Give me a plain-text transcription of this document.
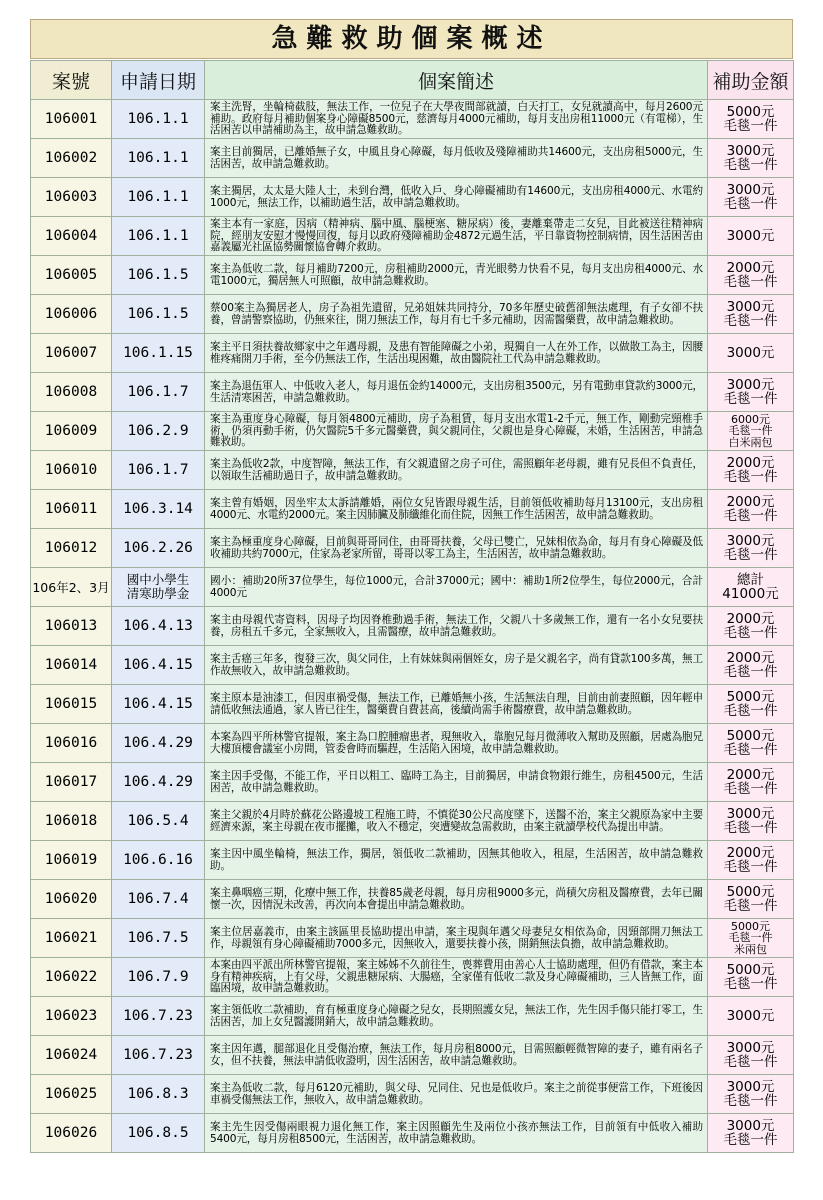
急難救助個案概述
案號	申請日期	個案簡述	補助金額
106001	106.1.1	案主洗腎，坐輪椅截肢，無法工作，一位兒子在大學夜間部就讀，白天打工，女兒就讀高中，每月2600元補助。政府每月補助個案身心障礙8500元，慈濟每月4000元補助，每月支出房租11000元（有電梯），生活困苦以申請補助為主，故申請急難救助。	5000元
毛毯一件

106002	106.1.1	案主目前獨居，已離婚無子女，中風且身心障礙，每月低收及殘障補助共14600元，支出房租5000元，生活困苦，故申請急難救助。	3000元
毛毯一件

106003	106.1.1	案主獨居，太太是大陸人士，未到台灣，低收入戶、身心障礙補助有14600元，支出房租4000元、水電約1000元，無法工作，以補助過生活，故申請急難救助。	3000元
毛毯一件

106004	106.1.1	案主本有一家庭，因病（精神病、腦中風、腦梗塞、糖尿病）後，妻離棄帶走二女兒，目此被送往精神病院，經朋友安慰才慢慢回復，每月以政府殘障補助金4872元過生活，平日靠資物控制病情，因生活困苦由嘉義屬光社區協勢關懷協會轉介救助。	3000元

106005	106.1.5	案主為低收二款，每月補助7200元，房租補助2000元，青光眼勢力快看不見，每月支出房租4000元、水電1000元，獨居無人可照顧，故申請急難救助。	2000元
毛毯一件

106006	106.1.5	蔡00案主為獨居老人，房子為祖先遺留，兄弟姐妹共同持分，70多年歷史破舊卻無法處理，有子女卻不扶養，曾請警察協助，仍無來往，開刀無法工作，每月有七千多元補助，因需醫藥費，故申請急難救助。	3000元
毛毯一件

106007	106.1.15	案主平日須扶養故鄉家中之年邁母親，及患有智能障礙之小弟，現獨自一人在外工作，以做散工為主，因腰椎疼痛開刀手術，至今仍無法工作，生活出現困難，故由醫院社工代為申請急難救助。	3000元

106008	106.1.7	案主為退伍軍人、中低收入老人，每月退伍金約14000元，支出房租3500元，另有電動車貸款約3000元，生活清寒困苦，申請急難救助。	3000元
毛毯一件

106009	106.2.9	案主為重度身心障礙，每月領4800元補助，房子為租賃，每月支出水電1-2千元，無工作，剛動完頸椎手術，仍須再動手術，仍欠醫院5千多元醫藥費，與父親同住，父親也是身心障礙，未婚，生活困苦，申請急難救助。	6000元
毛毯一件
白米兩包

106010	106.1.7	案主為低收2款，中度智障，無法工作，有父親遺留之房子可住，需照顧年老母親，雖有兄長但不負責任，以領取生活補助過日子，故申請急難救助。	2000元
毛毯一件

106011	106.3.14	案主曾有婚姻，因坐牢太太訴請離婚，兩位女兒皆跟母親生活，目前領低收補助每月13100元，支出房租4000元、水電約2000元。案主因肺臟及肺纖維化而住院，因無工作生活困苦，故申請急難救助。	2000元
毛毯一件

106012	106.2.26	案主為極重度身心障礙，目前與哥哥同住，由哥哥扶養，父母已雙亡，兄妹相依為命，每月有身心障礙及低收補助共約7000元，住家為老家所留，哥哥以零工為主，生活困苦，故申請急難救助。	3000元
毛毯一件

106年2、3月	國中小學生
清寒助學金	國小：補助20所37位學生，每位1000元，合計37000元；國中：補助1所2位學生，每位2000元，合計4000元	總計
41000元

106013	106.4.13	案主由母親代寄資料，因母子均因脊椎動過手術，無法工作，父親八十多歲無工作，還有一名小女兒要扶養，房租五千多元，全家無收入，且需醫療，故申請急難救助。	2000元
毛毯一件

106014	106.4.15	案主舌癌三年多，復發三次，與父同住，上有妹妹與兩個姪女，房子是父親名字，尚有貸款100多萬，無工作故無收入，故申請急難救助。	2000元
毛毯一件

106015	106.4.15	案主原本是油漆工，但因車禍受傷，無法工作，已離婚無小孩，生活無法自理，目前由前妻照顧，因年輕申請低收無法通過，家人皆已往生，醫藥費自費甚高，後續尚需手術醫療費，故申請急難救助。	5000元
毛毯一件

106016	106.4.29	本案為四平所林警官提報，案主為口腔腫瘤患者，現無收入，靠胞兄每月微薄收入幫助及照顧，居處為胞兄大樓頂樓會議室小房間，管委會時而驅趕，生活陷入困境，故申請急難救助。	5000元
毛毯一件

106017	106.4.29	案主因手受傷，不能工作，平日以粗工、臨時工為主，目前獨居，申請食物銀行維生，房租4500元，生活困苦，故申請急難救助。	2000元
毛毯一件

106018	106.5.4	案主父親於4月時於蘇花公路邊坡工程施工時，不慎從30公尺高度墜下，送醫不治，案主父親原為家中主要經濟來源，案主母親在夜市擺攤，收入不穩定，突遭變故急需救助，由案主就讀學校代為提出申請。	3000元
毛毯一件

106019	106.6.16	案主因中風坐輪椅，無法工作，獨居，領低收二款補助，因無其他收入，租屋，生活困苦，故申請急難救助。	2000元
毛毯一件

106020	106.7.4	案主鼻咽癌三期，化療中無工作，扶養85歲老母親，每月房租9000多元，尚積欠房租及醫療費，去年已關懷一次，因情況未改善，再次向本會提出申請急難救助。	5000元
毛毯一件

106021	106.7.5	案主位居嘉義市，由案主該區里長協助提出申請，案主現與年邁父母妻兒女相依為命，因頸部開刀無法工作，母親領有身心障礙補助7000多元，因無收入，還要扶養小孩，開銷無法負擔，故申請急難救助。	5000元
毛毯一件
米兩包

106022	106.7.9	本案由四平派出所林警官提報，案主姊姊不久前往生，喪葬費用由善心人士協助處理，但仍有借款，案主本身有精神疾病，上有父母，父親患糖尿病、大腸癌，全家僅有低收二款及身心障礙補助，三人皆無工作，面臨困境，故申請急難救助。	5000元
毛毯一件

106023	106.7.23	案主領低收二款補助，育有極重度身心障礙之兒女，長期照護女兒，無法工作，先生因手傷只能打零工，生活困苦，加上女兒醫護開銷大，故申請急難救助。	3000元

106024	106.7.23	案主因年邁，腿部退化且受傷治療，無法工作，每月房租8000元，目需照顧輕微智障的妻子，雖有兩名子女，但不扶養，無法申請低收證明，因生活困苦，故申請急難救助。	3000元
毛毯一件

106025	106.8.3	案主為低收二款，每月6120元補助，與父母、兄同住、兄也是低收戶。案主之前從事便當工作，下班後因車禍受傷無法工作，無收入，故申請急難救助。	3000元
毛毯一件

106026	106.8.5	案主先生因受傷兩眼視力退化無工作，案主因照顧先生及兩位小孩亦無法工作，目前領有中低收入補助5400元，每月房租8500元，生活困苦，故申請急難救助。	3000元
毛毯一件
